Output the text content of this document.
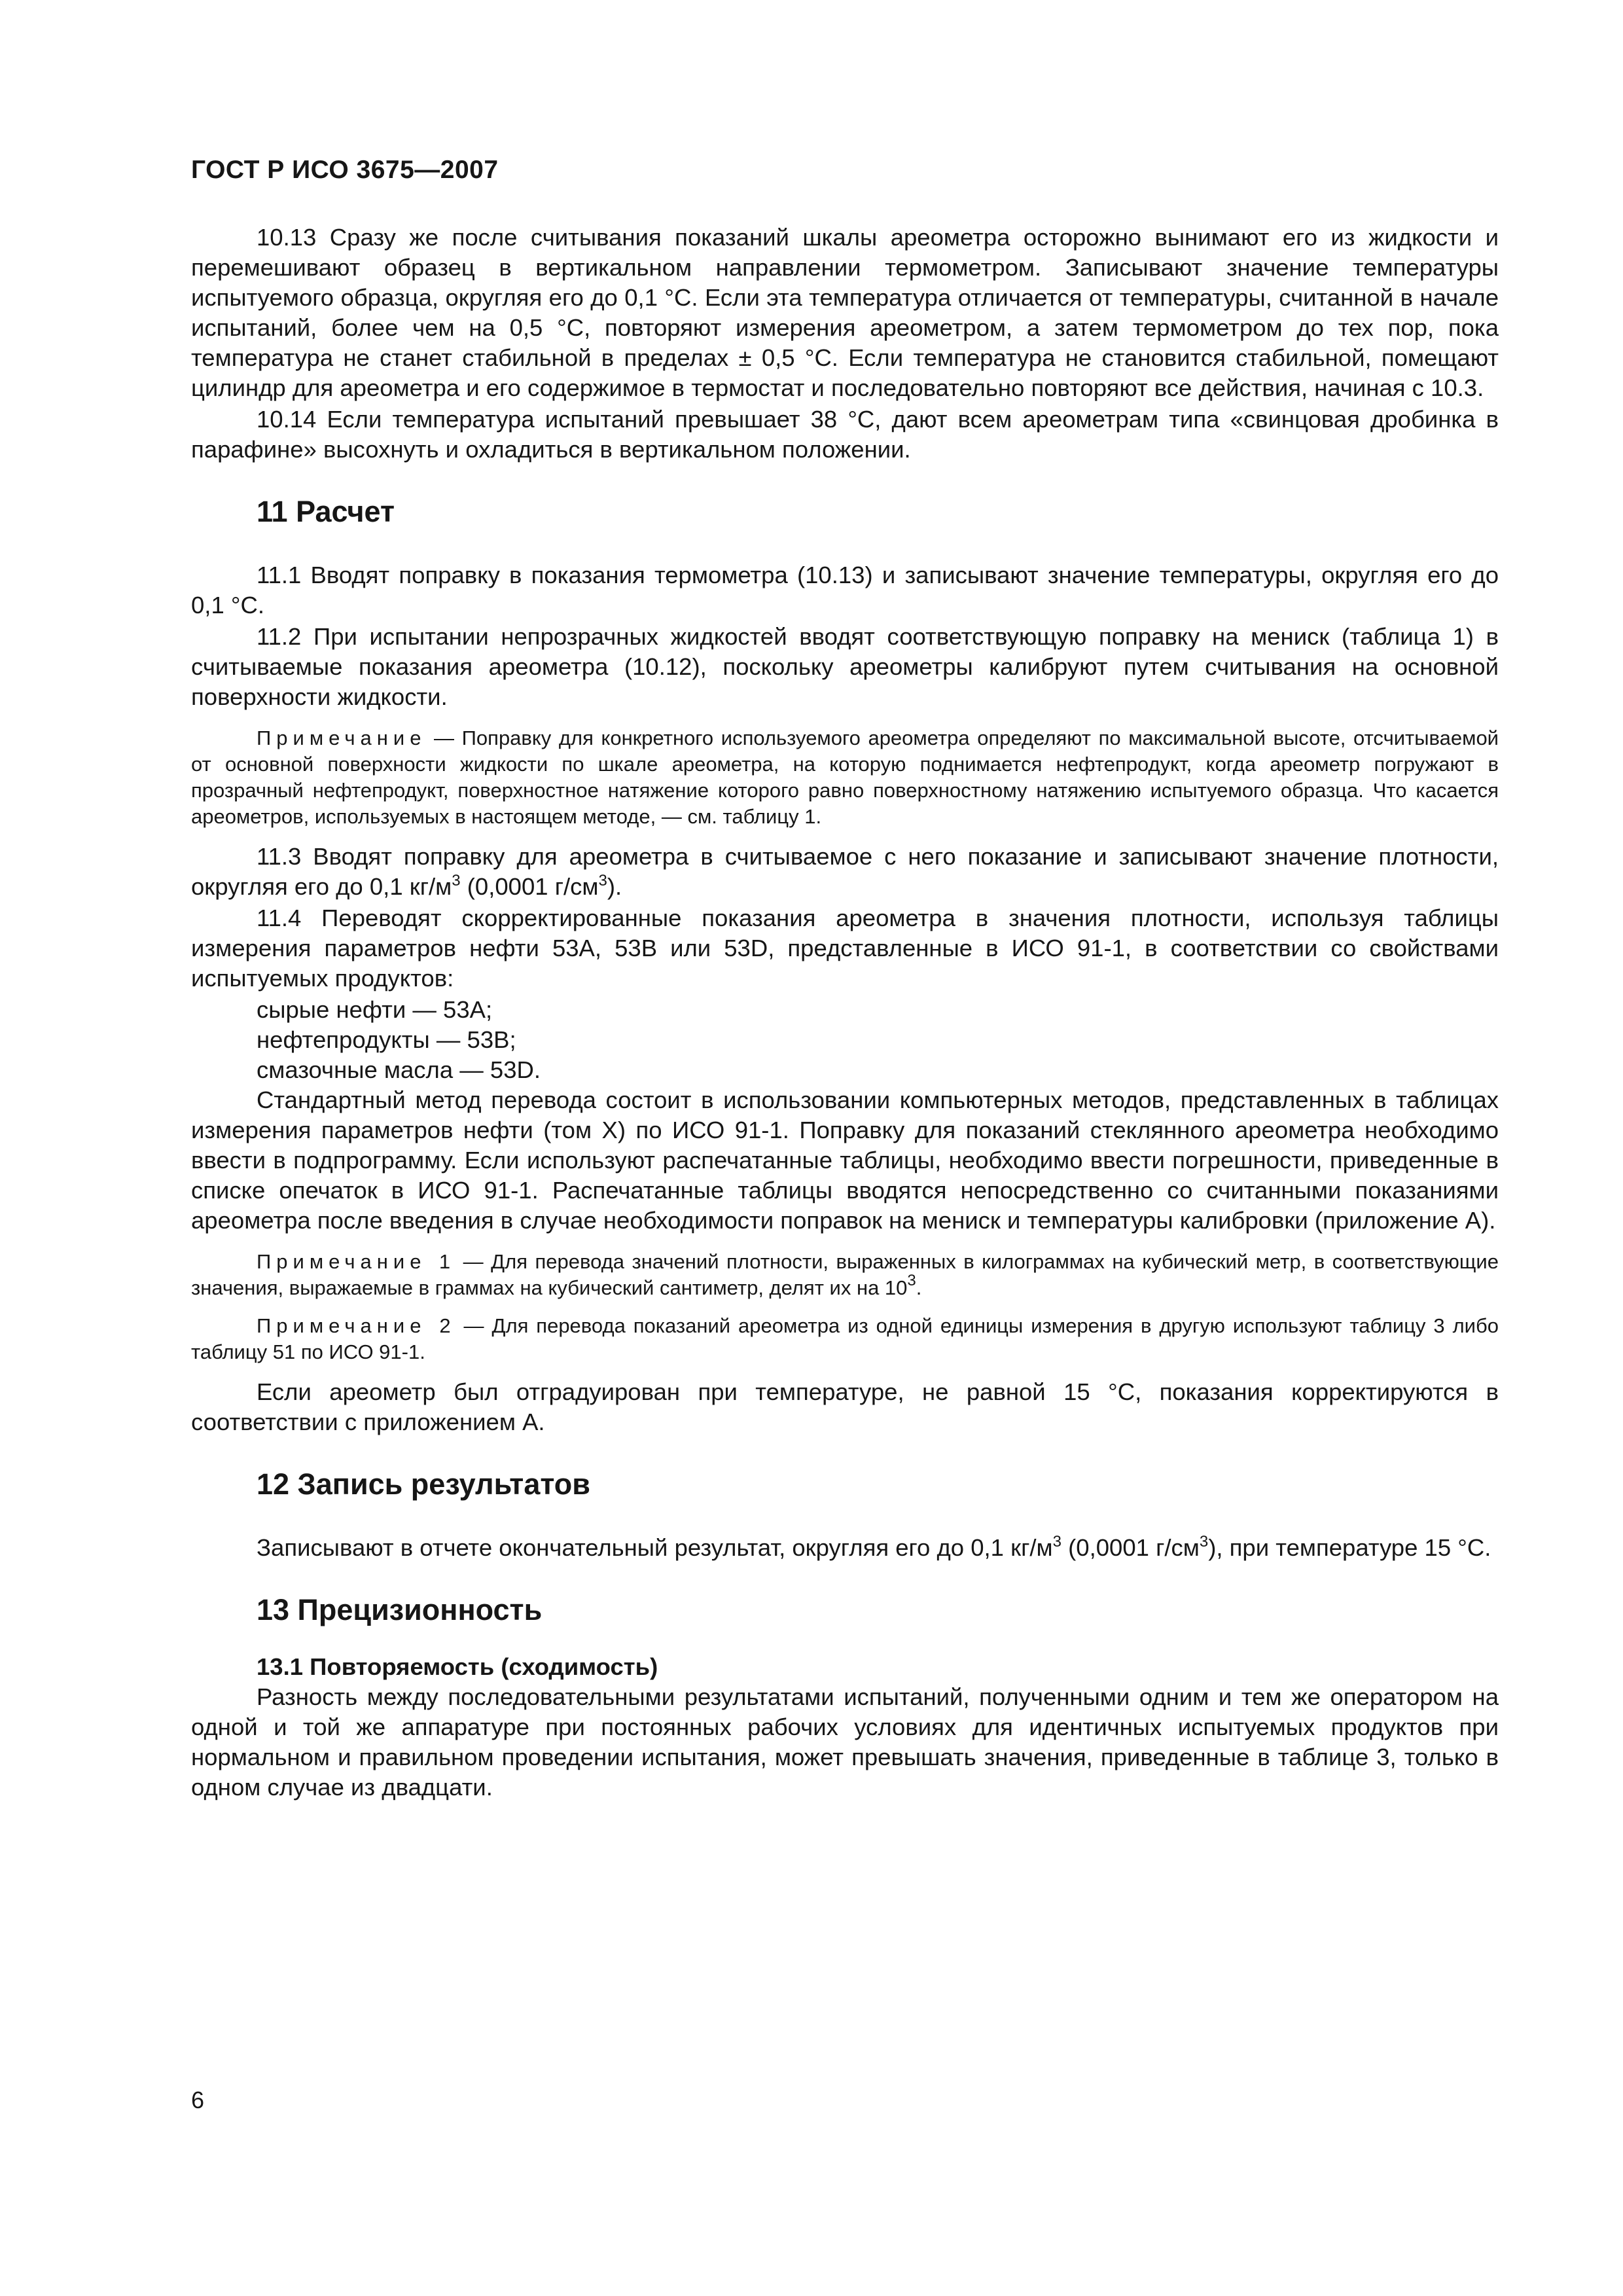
ГОСТ Р ИСО 3675—2007

10.13 Сразу же после считывания показаний шкалы ареометра осторожно вынимают его из жидкости и перемешивают образец в вертикальном направлении термометром. Записывают значение температуры испытуемого образца, округляя его до 0,1 °С. Если эта температура отличается от температуры, считанной в начале испытаний, более чем на 0,5 °С, повторяют измерения ареометром, а затем термометром до тех пор, пока температура не станет стабильной в пределах ± 0,5 °С. Если температура не становится стабильной, помещают цилиндр для ареометра и его содержимое в термостат и последовательно повторяют все действия, начиная с 10.3.

10.14 Если температура испытаний превышает 38 °С, дают всем ареометрам типа «свинцовая дробинка в парафине» высохнуть и охладиться в вертикальном положении.

11 Расчет

11.1 Вводят поправку в показания термометра (10.13) и записывают значение температуры, округляя его до 0,1 °С.

11.2 При испытании непрозрачных жидкостей вводят соответствующую поправку на мениск (таблица 1) в считываемые показания ареометра (10.12), поскольку ареометры калибруют путем считывания на основной поверхности жидкости.

Примечание — Поправку для конкретного используемого ареометра определяют по максимальной высоте, отсчитываемой от основной поверхности жидкости по шкале ареометра, на которую поднимается нефтепродукт, когда ареометр погружают в прозрачный нефтепродукт, поверхностное натяжение которого равно поверхностному натяжению испытуемого образца. Что касается ареометров, используемых в настоящем методе, — см. таблицу 1.

11.3 Вводят поправку для ареометра в считываемое с него показание и записывают значение плотности, округляя его до 0,1 $кг/м^3$ (0,0001 $г/см^3$).

11.4 Переводят скорректированные показания ареометра в значения плотности, используя таблицы измерения параметров нефти 53А, 53В или 53D, представленные в ИСО 91-1, в соответствии со свойствами испытуемых продуктов:

сырые нефти — 53А;
нефтепродукты — 53В;
смазочные масла — 53D.

Стандартный метод перевода состоит в использовании компьютерных методов, представленных в таблицах измерения параметров нефти (том X) по ИСО 91-1. Поправку для показаний стеклянного ареометра необходимо ввести в подпрограмму. Если используют распечатанные таблицы, необходимо ввести погрешности, приведенные в списке опечаток в ИСО 91-1. Распечатанные таблицы вводятся непосредственно со считанными показаниями ареометра после введения в случае необходимости поправок на мениск и температуры калибровки (приложение А).

Примечание 1 — Для перевода значений плотности, выраженных в килограммах на кубический метр, в соответствующие значения, выражаемые в граммах на кубический сантиметр, делят их на $10^3$.

Примечание 2 — Для перевода показаний ареометра из одной единицы измерения в другую используют таблицу 3 либо таблицу 51 по ИСО 91-1.

Если ареометр был отградуирован при температуре, не равной 15 °С, показания корректируются в соответствии с приложением А.

12 Запись результатов

Записывают в отчете окончательный результат, округляя его до 0,1 $кг/м^3$ (0,0001 $г/см^3$), при температуре 15 °С.

13 Прецизионность
13.1 Повторяемость (сходимость)

Разность между последовательными результатами испытаний, полученными одним и тем же оператором на одной и той же аппаратуре при постоянных рабочих условиях для идентичных испытуемых продуктов при нормальном и правильном проведении испытания, может превышать значения, приведенные в таблице 3, только в одном случае из двадцати.

6
